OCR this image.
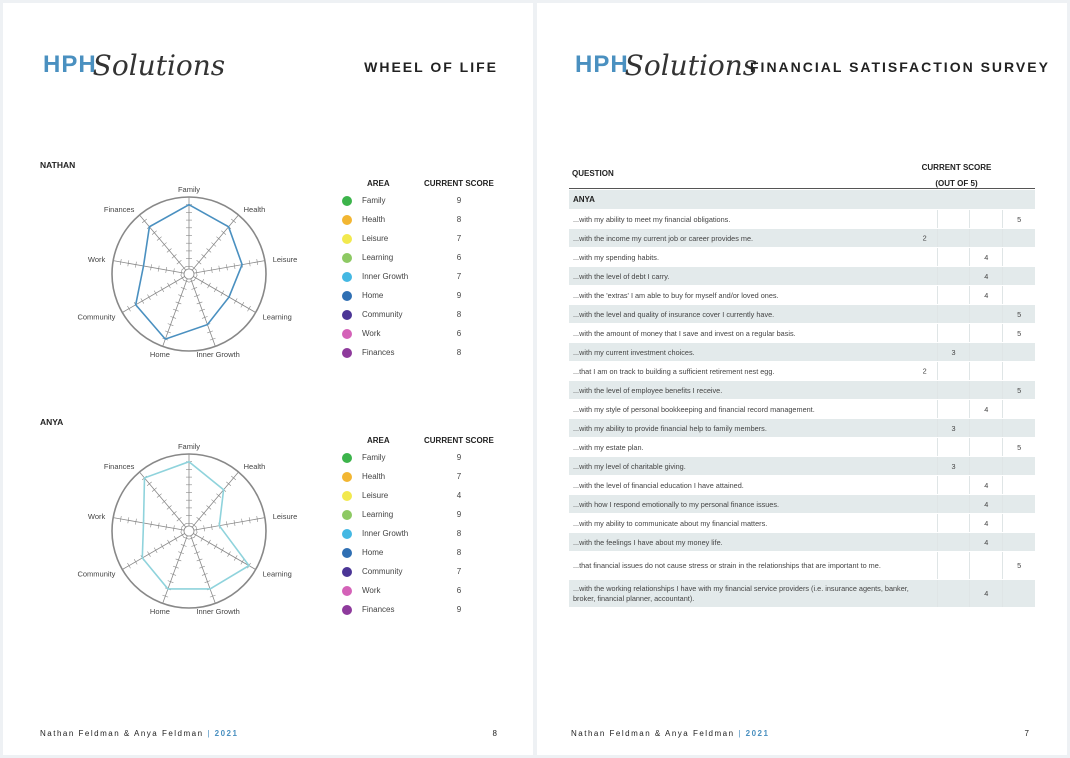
HPH
Solutions	WHEEL OF LIFE
NATHAN
Family
Health
Leisure
Learning
Inner Growth
Home
Community
Work
Finances
AREA	CURRENT SCORE
Family	9
Health	8
Leisure	7
Learning	6
Inner Growth	7
Home	9
Community	8
Work	6
Finances	8
ANYA
Family
Health
Leisure
Learning
Inner Growth
Home
Community
Work
Finances
AREA	CURRENT SCORE
Family	9
Health	7
Leisure	4
Learning	9
Inner Growth	8
Home	8
Community	7
Work	6
Finances	9
Nathan Feldman & Anya Feldman | 2021	8
HPH
Solutions
FINANCIAL SATISFACTION SURVEY
QUESTION
CURRENT SCORE
(OUT OF 5)
ANYA			
...with my ability to meet my financial obligations.			5
...with the income my current job or career provides me. 2			

...with my spending habits.		4	
...with the level of debt I carry.		4	
...with the 'extras' I am able to buy for myself and/or loved ones.		4	
...with the level and quality of insurance cover I currently have.			5
...with the amount of money that I save and invest on a regular basis.			5
...with my current investment choices.	3		
...that I am on track to building a sufficient retirement nest egg. 2			

...with the level of employee benefits I receive.			5
...with my style of personal bookkeeping and financial record management.		4	
...with my ability to provide financial help to family members.	3		
...with my estate plan.			5
...with my level of charitable giving.	3		
...with the level of financial education I have attained.		4	
...with how I respond emotionally to my personal finance issues.		4	
...with my ability to communicate about my financial matters.		4	
...with the feelings I have about my money life.		4	
...that financial issues do not cause stress or strain in the relationships that are important to me.			5
...with the working relationships I have with my financial service providers (i.e. insurance agents, banker, broker, financial planner, accountant).		4	
Nathan Feldman & Anya Feldman | 2021	7
